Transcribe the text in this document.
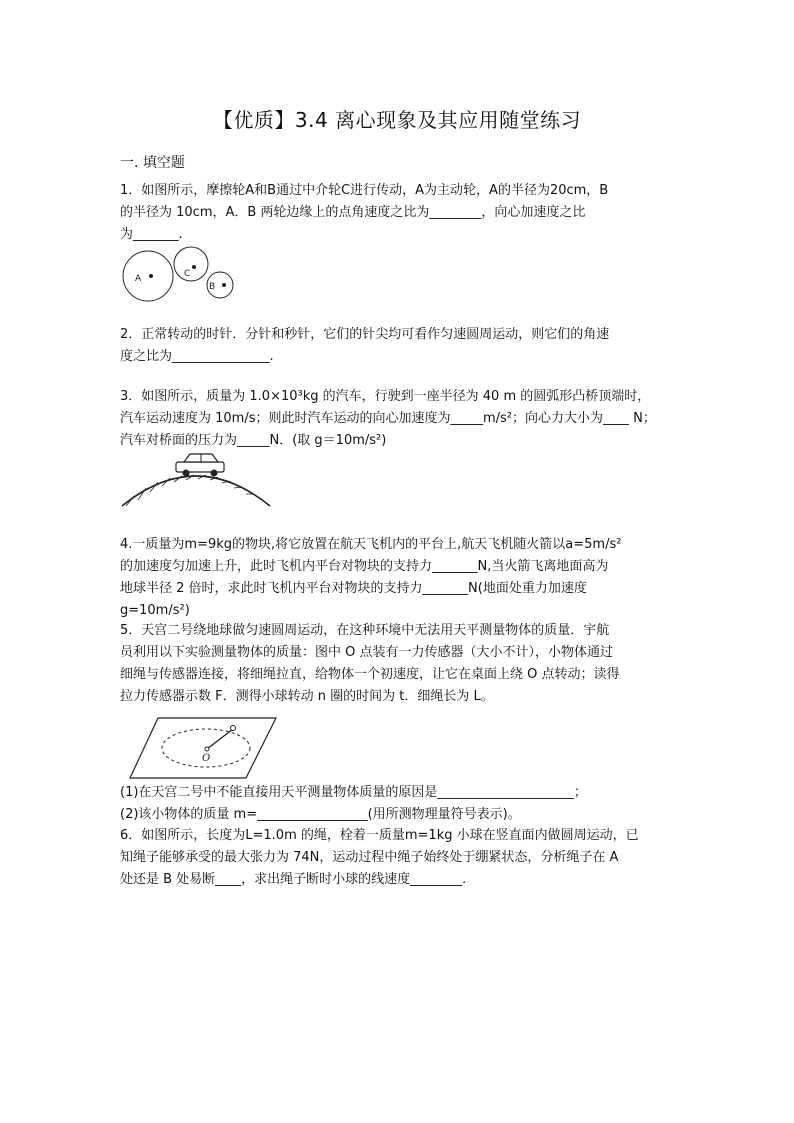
【优质】3.4 离心现象及其应用随堂练习
一. 填空题
1．如图所示，摩擦轮A和B通过中介轮C进行传动，A为主动轮，A的半径为20cm，B
的半径为 10cm，A．B 两轮边缘上的点角速度之比为________，向心加速度之比
为_______.
A	C
B
2．正常转动的时针．分针和秒针，它们的针尖均可看作匀速圆周运动，则它们的角速
度之比为_______________.
3．如图所示，质量为 1.0×10³kg 的汽车，行驶到一座半径为 40 m 的圆弧形凸桥顶端时，
汽车运动速度为 10m/s；则此时汽车运动的向心加速度为_____m/s²；向心力大小为____ N；
汽车对桥面的压力为_____N．(取 g＝10m/s²)
4.一质量为m=9kg的物块,将它放置在航天飞机内的平台上,航天飞机随火箭以a=5m/s²
的加速度匀加速上升，此时飞机内平台对物块的支持力_______N,当火箭飞离地面高为
地球半径 2 倍时，求此时飞机内平台对物块的支持力_______N(地面处重力加速度
g=10m/s²)
5．天宫二号绕地球做匀速圆周运动，在这种环境中无法用天平测量物体的质量．宇航
员利用以下实验测量物体的质量：图中 O 点装有一力传感器（大小不计），小物体通过
细绳与传感器连接，将细绳拉直，给物体一个初速度，让它在桌面上绕 O 点转动；读得
拉力传感器示数 F．测得小球转动 n 圈的时间为 t．细绳长为 L。
O
(1)在天宫二号中不能直接用天平测量物体质量的原因是_____________________；
(2)该小物体的质量 m=_________________(用所测物理量符号表示)。
6．如图所示，长度为L=1.0m 的绳，栓着一质量m=1kg 小球在竖直面内做圆周运动，已
知绳子能够承受的最大张力为 74N，运动过程中绳子始终处于绷紧状态，分析绳子在 A
处还是 B 处易断____，求出绳子断时小球的线速度________.
